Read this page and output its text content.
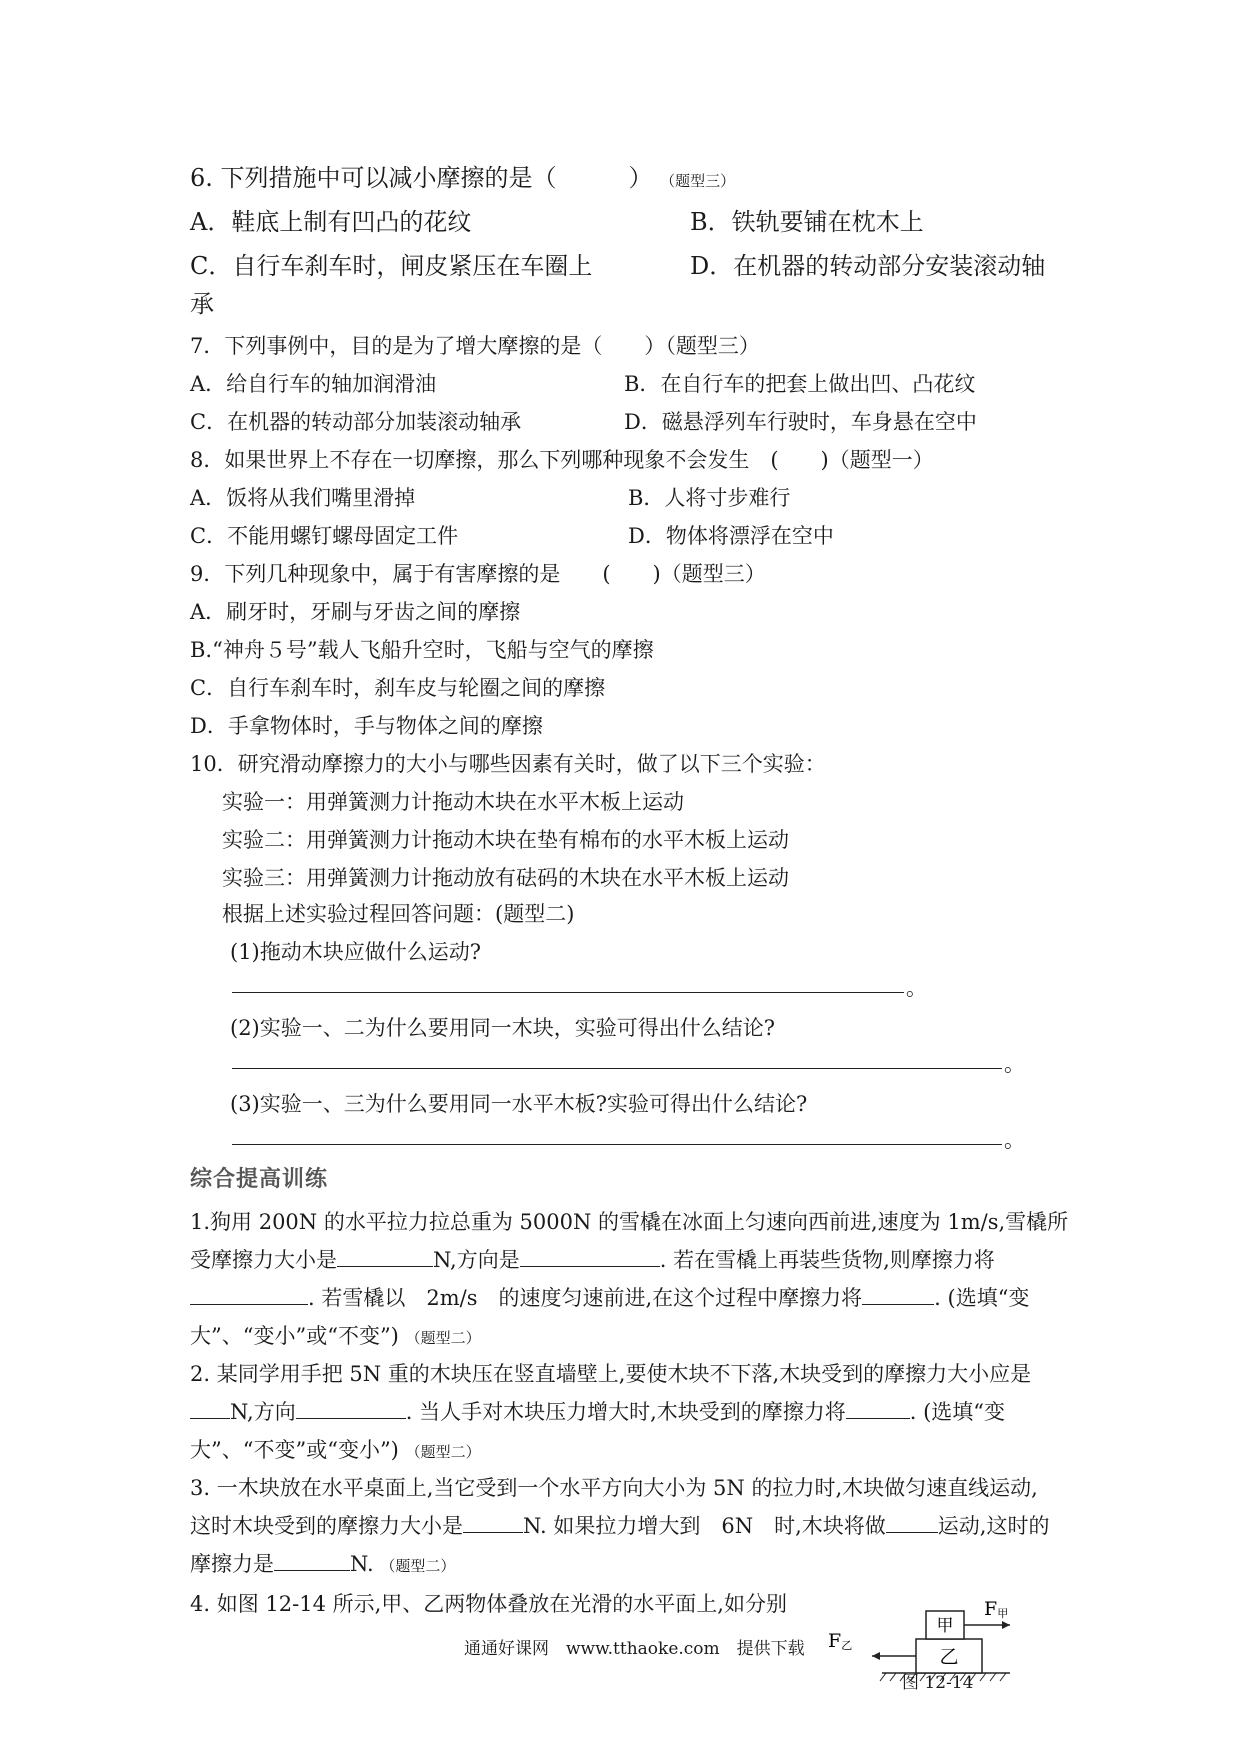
6. 下列措施中可以减小摩擦的是（　　　） （题型三）
A．鞋底上制有凹凸的花纹	B．铁轨要铺在枕木上
C．自行车刹车时，闸皮紧压在车圈上	D．在机器的转动部分安装滚动轴
承
7．下列事例中，目的是为了增大摩擦的是（　　）（题型三）
A．给自行车的轴加润滑油	B．在自行车的把套上做出凹、凸花纹
C．在机器的转动部分加装滚动轴承	D．磁悬浮列车行驶时，车身悬在空中
8．如果世界上不存在一切摩擦，那么下列哪种现象不会发生　(　　)（题型一）
A．饭将从我们嘴里滑掉	B．人将寸步难行
C．不能用螺钉螺母固定工件	D．物体将漂浮在空中
9．下列几种现象中，属于有害摩擦的是　　(　　)（题型三）
A．刷牙时，牙刷与牙齿之间的摩擦
B.“神舟５号”载人飞船升空时，飞船与空气的摩擦
C．自行车刹车时，刹车皮与轮圈之间的摩擦
D．手拿物体时，手与物体之间的摩擦
10．研究滑动摩擦力的大小与哪些因素有关时，做了以下三个实验：
实验一：用弹簧测力计拖动木块在水平木板上运动
实验二：用弹簧测力计拖动木块在垫有棉布的水平木板上运动
实验三：用弹簧测力计拖动放有砝码的木块在水平木板上运动
根据上述实验过程回答问题：(题型二)
(1)拖动木块应做什么运动?
。
(2)实验一、二为什么要用同一木块，实验可得出什么结论?
。
(3)实验一、三为什么要用同一水平木板?实验可得出什么结论?
。
综合提高训练
1.狗用 200N 的水平拉力拉总重为 5000N 的雪橇在冰面上匀速向西前进,速度为 1m/s,雪橇所
受摩擦力大小是	N,方向是	. 若在雪橇上再装些货物,则摩擦力将
. 若雪橇以　2m/s　的速度匀速前进,在这个过程中摩擦力将	. (选填“变
大”、“变小”或“不变”) （题型二）
2. 某同学用手把 5N 重的木块压在竖直墙壁上,要使木块不下落,木块受到的摩擦力大小应是
N,方向	. 当人手对木块压力增大时,木块受到的摩擦力将	. (选填“变
大”、“不变”或“变小”) （题型二）
3. 一木块放在水平桌面上,当它受到一个水平方向大小为 5N 的拉力时,木块做匀速直线运动,
这时木块受到的摩擦力大小是	N. 如果拉力增大到　6N　时,木块将做 运动,这时的
摩擦力是	N. （题型二）
4. 如图 12-14 所示,甲、乙两物体叠放在光滑的水平面上,如分别
乙
甲
F甲
F乙
图 12-14
通通好课网　www.tthaoke.com　提供下载
